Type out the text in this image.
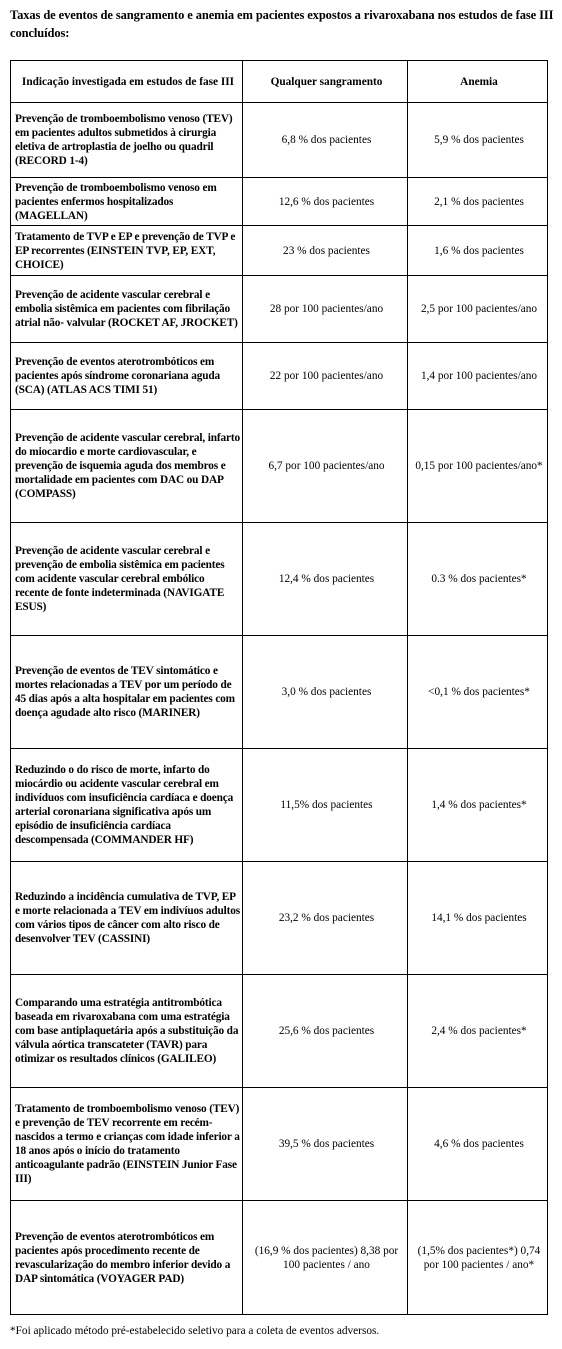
Taxas de eventos de sangramento e anemia em pacientes expostos a rivaroxabana nos estudos de fase III concluídos:
Indicação investigada em estudos de fase III	Qualquer sangramento	Anemia
Prevenção de tromboembolismo venoso (TEV) em pacientes adultos submetidos à cirurgia eletiva de artroplastia de joelho ou quadril (RECORD 1-4)	6,8 % dos pacientes	5,9 % dos pacientes
Prevenção de tromboembolismo venoso em pacientes enfermos hospitalizados (MAGELLAN)	12,6 % dos pacientes	2,1 % dos pacientes
Tratamento de TVP e EP e prevenção de TVP e EP recorrentes (EINSTEIN TVP, EP, EXT, CHOICE)	23 % dos pacientes	1,6 % dos pacientes
Prevenção de acidente vascular cerebral e embolia sistêmica em pacientes com fibrilação atrial não- valvular (ROCKET AF, JROCKET)	28 por 100 pacientes/ano	2,5 por 100 pacientes/ano
Prevenção de eventos aterotrombóticos em pacientes após síndrome coronariana aguda (SCA) (ATLAS ACS TIMI 51)	22 por 100 pacientes/ano	1,4 por 100 pacientes/ano
Prevenção de acidente vascular cerebral, infarto do miocardio e morte cardiovascular, e prevenção de isquemia aguda dos membros e mortalidade em pacientes com DAC ou DAP (COMPASS)	6,7 por 100 pacientes/ano	0,15 por 100 pacientes/ano*
Prevenção de acidente vascular cerebral e prevenção de embolia sistêmica em pacientes com acidente vascular cerebral embólico recente de fonte indeterminada (NAVIGATE ESUS)	12,4 % dos pacientes	0.3 % dos pacientes*
Prevenção de eventos de TEV sintomático e mortes relacionadas a TEV por um período de 45 dias após a alta hospitalar em pacientes com doença agudade alto risco (MARINER)	3,0 % dos pacientes	<0,1 % dos pacientes*
Reduzindo o do risco de morte, infarto do miocárdio ou acidente vascular cerebral em indivíduos com insuficiência cardíaca e doença arterial coronariana significativa após um episódio de insuficiência cardíaca descompensada (COMMANDER HF)	11,5% dos pacientes	1,4 % dos pacientes*
Reduzindo a incidência cumulativa de TVP, EP e morte relacionada a TEV em indivíuos adultos com vários tipos de câncer com alto risco de desenvolver TEV (CASSINI)	23,2 % dos pacientes	14,1 % dos pacientes
Comparando uma estratégia antitrombótica baseada em rivaroxabana com uma estratégia com base antiplaquetária após a substituição da válvula aórtica transcateter (TAVR) para otimizar os resultados clínicos (GALILEO)	25,6 % dos pacientes	2,4 % dos pacientes*
Tratamento de tromboembolismo venoso (TEV) e prevenção de TEV recorrente em recém-nascidos a termo e crianças com idade inferior a 18 anos após o início do tratamento anticoagulante padrão (EINSTEIN Junior Fase III)	39,5 % dos pacientes	4,6 % dos pacientes
Prevenção de eventos aterotrombóticos em pacientes após procedimento recente de revascularização do membro inferior devido a DAP sintomática (VOYAGER PAD)	(16,9 % dos pacientes) 8,38 por 100 pacientes / ano	(1,5% dos pacientes*) 0,74 por 100 pacientes / ano*
*Foi aplicado método pré-estabelecido seletivo para a coleta de eventos adversos.
